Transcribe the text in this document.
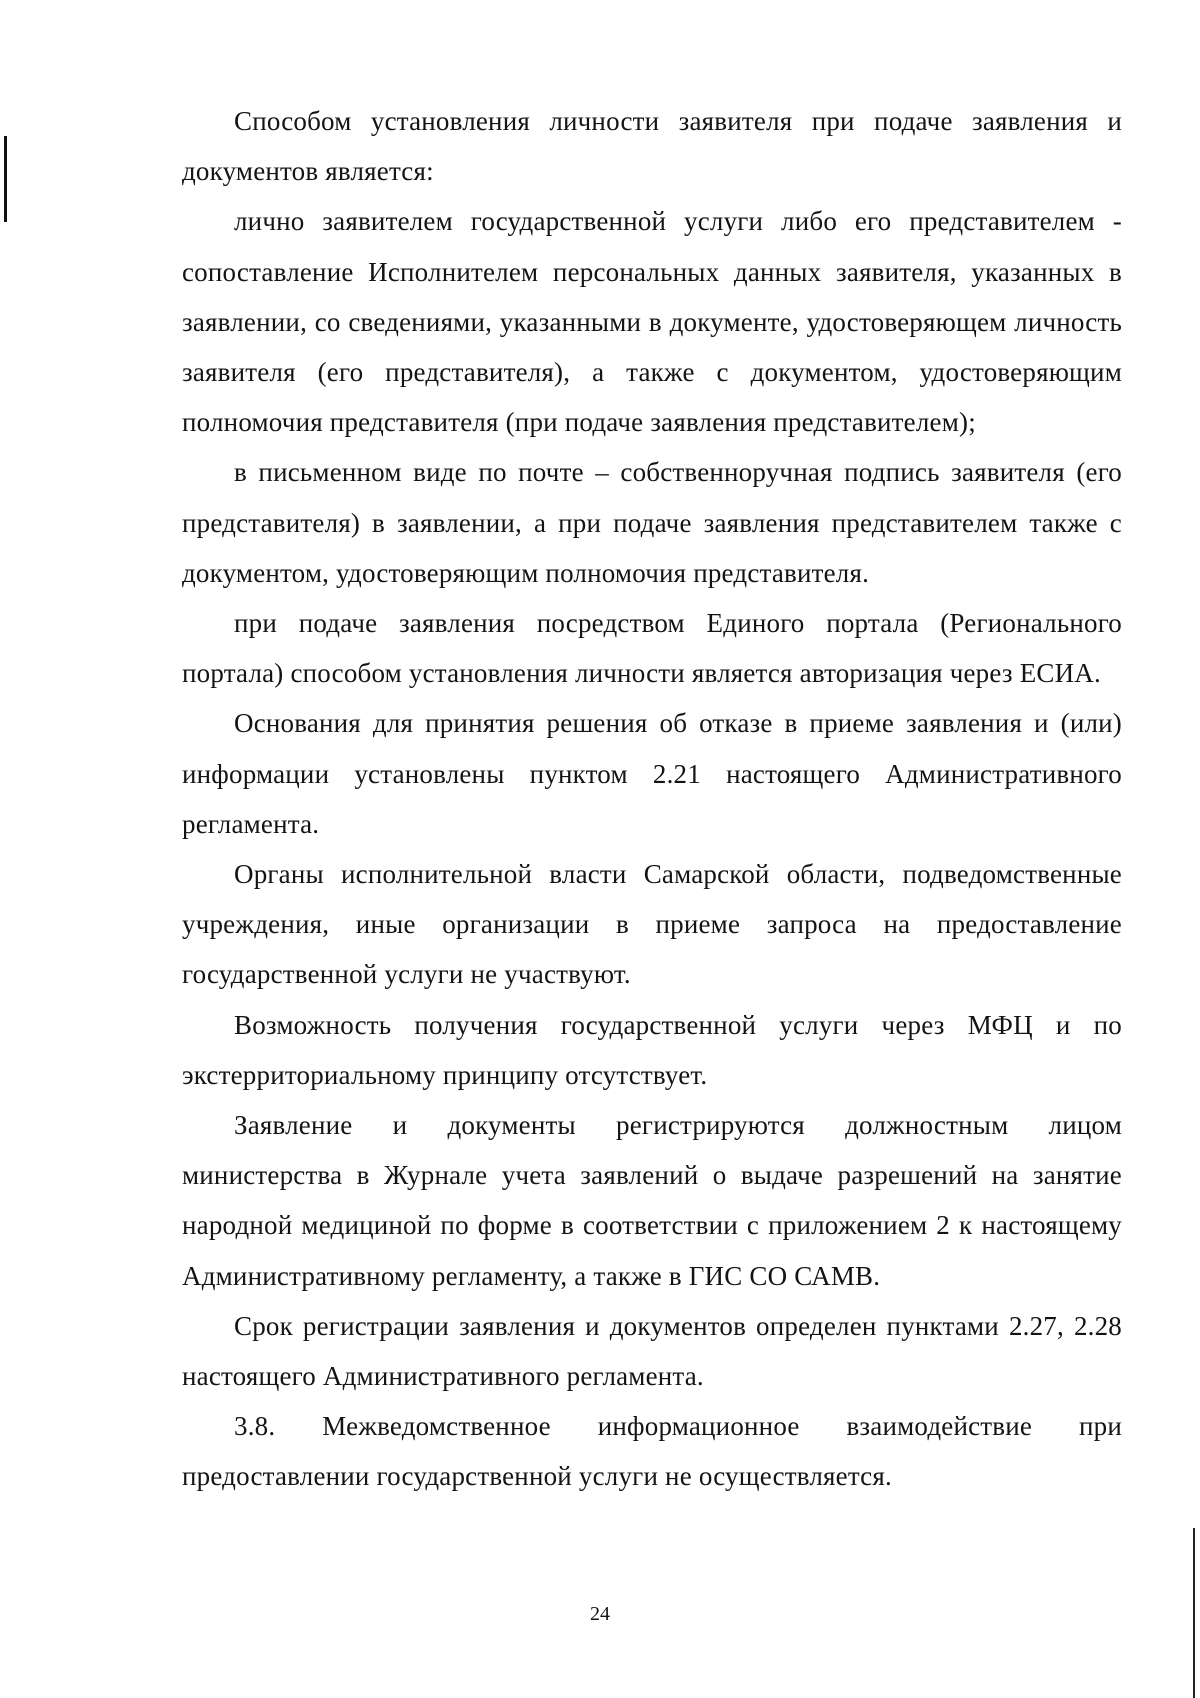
Способом установления личности заявителя при подаче заявления и документов является:

лично заявителем государственной услуги либо его представителем - сопоставление Исполнителем персональных данных заявителя, указанных в заявлении, со сведениями, указанными в документе, удостоверяющем личность заявителя (его представителя), а также с документом, удостоверяющим полномочия представителя (при подаче заявления представителем);

в письменном виде по почте – собственноручная подпись заявителя (его представителя) в заявлении, а при подаче заявления представителем также с документом, удостоверяющим полномочия представителя.

при подаче заявления посредством Единого портала (Регионального портала) способом установления личности является авторизация через ЕСИА.

Основания для принятия решения об отказе в приеме заявления и (или) информации установлены пунктом 2.21 настоящего Административного регламента.

Органы исполнительной власти Самарской области, подведомственные учреждения, иные организации в приеме запроса на предоставление государственной услуги не участвуют.

Возможность получения государственной услуги через МФЦ и по экстерриториальному принципу отсутствует.

Заявление и документы регистрируются должностным лицом министерства в Журнале учета заявлений о выдаче разрешений на занятие народной медициной по форме в соответствии с приложением 2 к настоящему Административному регламенту, а также в ГИС СО САМВ.

Срок регистрации заявления и документов определен пунктами 2.27, 2.28 настоящего Административного регламента.

3.8. Межведомственное информационное взаимодействие при предоставлении государственной услуги не осуществляется.

24
